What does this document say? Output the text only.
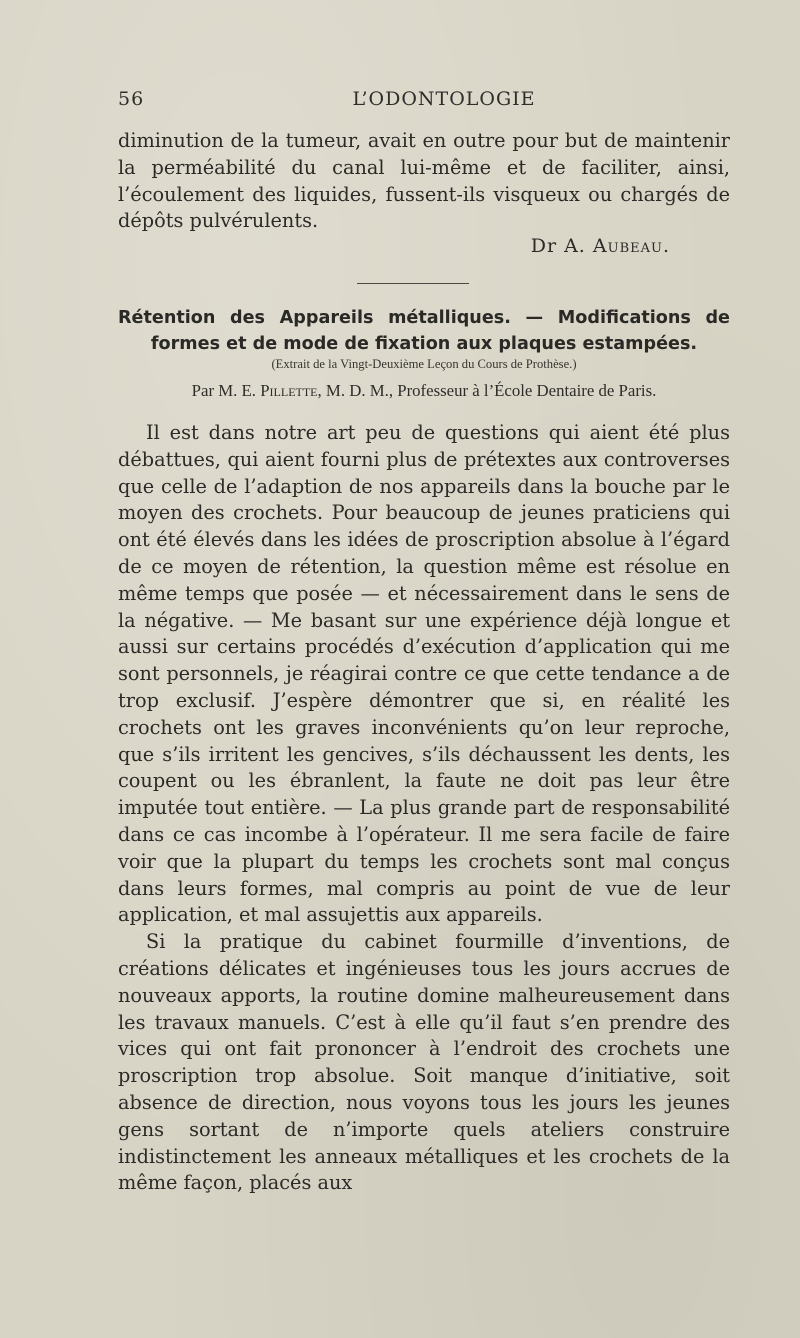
56	L’ODONTOLOGIE

diminution de la tumeur, avait en outre pour but de maintenir la perméabilité du canal lui-même et de faciliter, ainsi, l’écoulement des liquides, fussent-ils visqueux ou chargés de dépôts pulvérulents.

Dr A. Aubeau.
Rétention des Appareils métalliques. — Modifications de
formes et de mode de fixation aux plaques estampées.
(Extrait de la Vingt-Deuxième Leçon du Cours de Prothèse.)
Par M. E. Pillette, M. D. M., Professeur à l’École Dentaire de Paris.

Il est dans notre art peu de questions qui aient été plus débattues, qui aient fourni plus de prétextes aux controverses que celle de l’adaption de nos appareils dans la bouche par le moyen des crochets. Pour beaucoup de jeunes praticiens qui ont été élevés dans les idées de proscription absolue à l’égard de ce moyen de rétention, la question même est résolue en même temps que posée — et nécessairement dans le sens de la négative. — Me basant sur une expérience déjà longue et aussi sur certains procédés d’exécution d’application qui me sont personnels, je réagirai contre ce que cette tendance a de trop exclusif. J’espère démontrer que si, en réalité les crochets ont les graves inconvénients qu’on leur reproche, que s’ils irritent les gencives, s’ils déchaussent les dents, les coupent ou les ébranlent, la faute ne doit pas leur être imputée tout entière. — La plus grande part de responsabilité dans ce cas incombe à l’opérateur. Il me sera facile de faire voir que la plupart du temps les crochets sont mal conçus dans leurs formes, mal compris au point de vue de leur application, et mal assujettis aux appareils.

Si la pratique du cabinet fourmille d’inventions, de créations délicates et ingénieuses tous les jours accrues de nouveaux apports, la routine domine malheureusement dans les travaux manuels. C’est à elle qu’il faut s’en prendre des vices qui ont fait prononcer à l’endroit des crochets une proscription trop absolue. Soit manque d’initiative, soit absence de direction, nous voyons tous les jours les jeunes gens sortant de n’importe quels ateliers construire indistinctement les anneaux métalliques et les crochets de la même façon, placés aux
